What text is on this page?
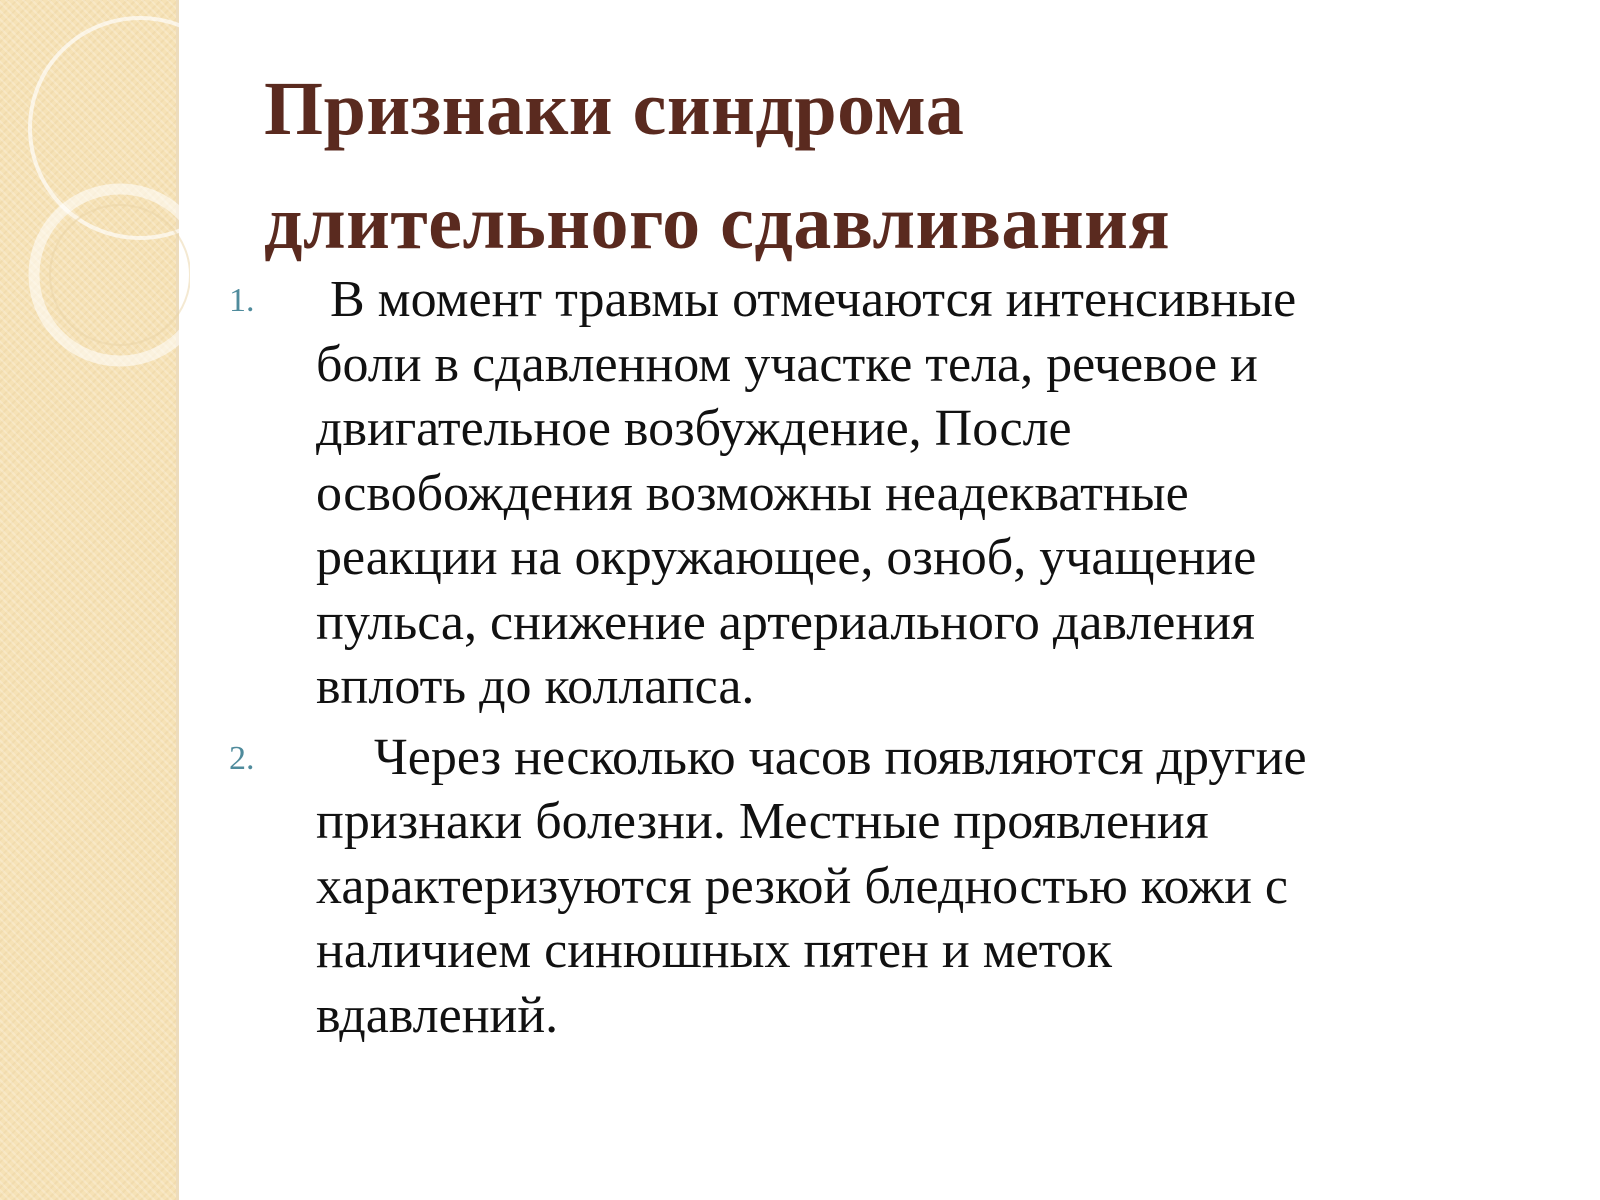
Признаки синдрома
длительного сдавливания
1. В момент травмы отмечаются интенсивные
боли в сдавленном участке тела, речевое и
двигательное возбуждение, После
освобождения возможны неадекватные
реакции на окружающее, озноб, учащение
пульса, снижение артериального давления
вплоть до коллапса.
2.	Через несколько часов появляются другие
признаки болезни. Местные проявления
характеризуются резкой бледностью кожи с
наличием синюшных пятен и меток
вдавлений.
